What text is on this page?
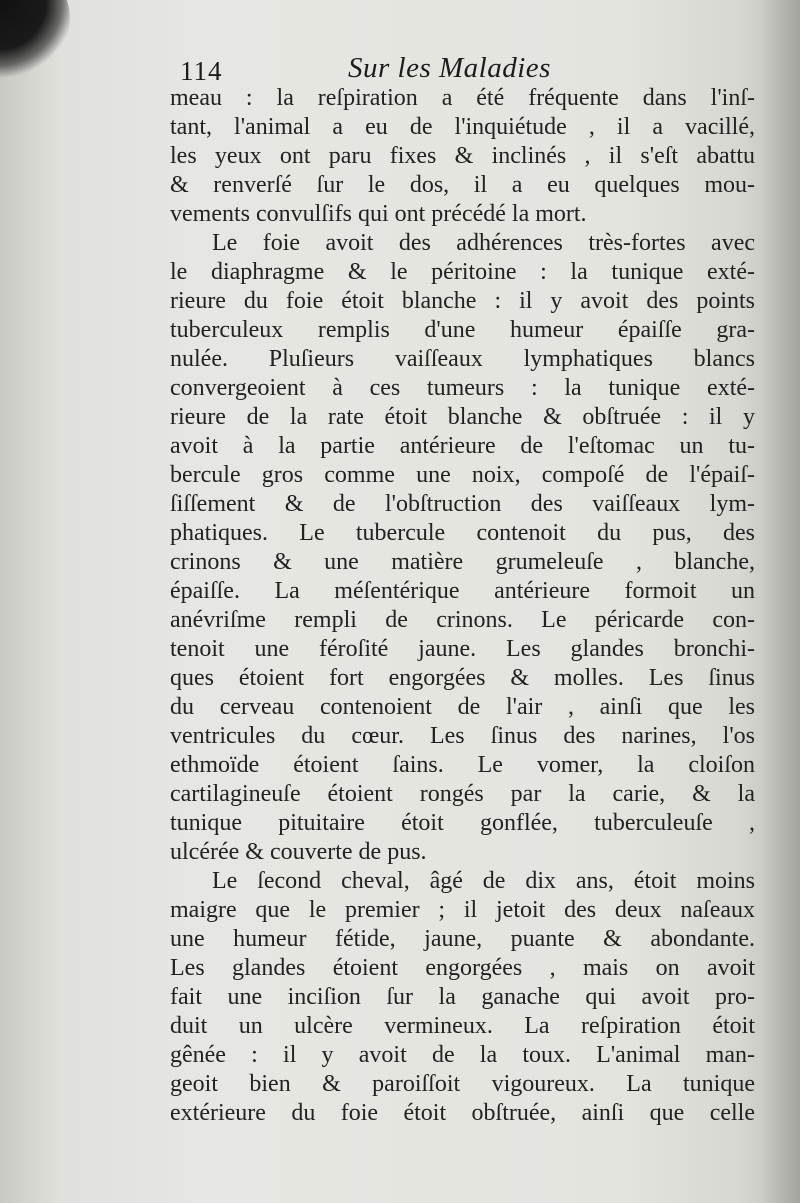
114	Sur les Maladies
meau : la reſpiration a été fréquente dans l'inſ-
tant, l'animal a eu de l'inquiétude , il a vacillé,
les yeux ont paru fixes & inclinés , il s'eſt abattu
& renverſé ſur le dos, il a eu quelques mou-
vements convulſifs qui ont précédé la mort.
Le foie avoit des adhérences très-fortes avec
le diaphragme & le péritoine : la tunique exté-
rieure du foie étoit blanche : il y avoit des points
tuberculeux remplis d'une humeur épaiſſe gra-
nulée. Pluſieurs vaiſſeaux lymphatiques blancs
convergeoient à ces tumeurs : la tunique exté-
rieure de la rate étoit blanche & obſtruée : il y
avoit à la partie antérieure de l'eſtomac un tu-
bercule gros comme une noix, compoſé de l'épaiſ-
ſiſſement & de l'obſtruction des vaiſſeaux lym-
phatiques. Le tubercule contenoit du pus, des
crinons & une matière grumeleuſe , blanche,
épaiſſe. La méſentérique antérieure formoit un
anévriſme rempli de crinons. Le péricarde con-
tenoit une féroſité jaune. Les glandes bronchi-
ques étoient fort engorgées & molles. Les ſinus
du cerveau contenoient de l'air , ainſi que les
ventricules du cœur. Les ſinus des narines, l'os
ethmoïde étoient ſains. Le vomer, la cloiſon
cartilagineuſe étoient rongés par la carie, & la
tunique pituitaire étoit gonflée, tuberculeuſe ,
ulcérée & couverte de pus.
Le ſecond cheval, âgé de dix ans, étoit moins
maigre que le premier ; il jetoit des deux naſeaux
une humeur fétide, jaune, puante & abondante.
Les glandes étoient engorgées , mais on avoit
fait une inciſion ſur la ganache qui avoit pro-
duit un ulcère vermineux. La reſpiration étoit
gênée : il y avoit de la toux. L'animal man-
geoit bien & paroiſſoit vigoureux. La tunique
extérieure du foie étoit obſtruée, ainſi que celle
